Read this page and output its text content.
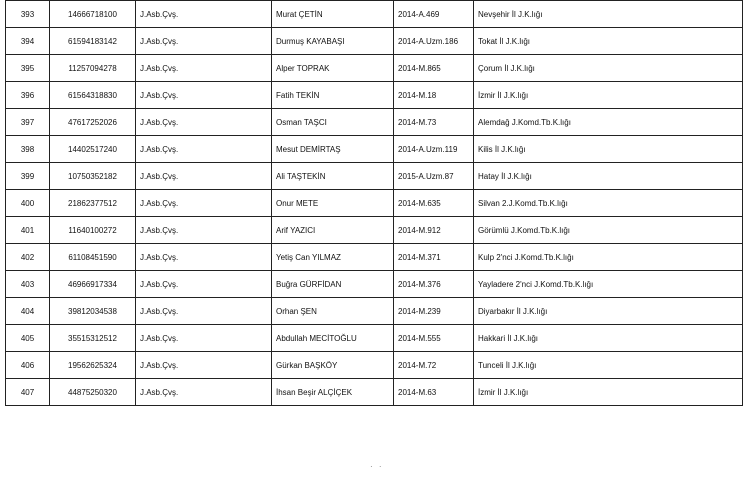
393	14666718100	J.Asb.Çvş.	Murat ÇETİN	2014-A.469	Nevşehir İl J.K.lığı
394	61594183142	J.Asb.Çvş.	Durmuş KAYABAŞI	2014-A.Uzm.186	Tokat İl J.K.lığı
395	11257094278	J.Asb.Çvş.	Alper TOPRAK	2014-M.865	Çorum İl J.K.lığı
396	61564318830	J.Asb.Çvş.	Fatih TEKİN	2014-M.18	İzmir İl J.K.lığı
397	47617252026	J.Asb.Çvş.	Osman TAŞCI	2014-M.73	Alemdağ J.Komd.Tb.K.lığı
398	14402517240	J.Asb.Çvş.	Mesut DEMİRTAŞ	2014-A.Uzm.119	Kilis İl J.K.lığı
399	10750352182	J.Asb.Çvş.	Ali TAŞTEKİN	2015-A.Uzm.87	Hatay İl J.K.lığı
400	21862377512	J.Asb.Çvş.	Onur METE	2014-M.635	Silvan 2.J.Komd.Tb.K.lığı
401	11640100272	J.Asb.Çvş.	Arif YAZICI	2014-M.912	Görümlü J.Komd.Tb.K.lığı
402	61108451590	J.Asb.Çvş.	Yetiş Can YILMAZ	2014-M.371	Kulp 2'nci J.Komd.Tb.K.lığı
403	46966917334	J.Asb.Çvş.	Buğra GÜRFİDAN	2014-M.376	Yayladere 2'nci J.Komd.Tb.K.lığı
404	39812034538	J.Asb.Çvş.	Orhan ŞEN	2014-M.239	Diyarbakır İl J.K.lığı
405	35515312512	J.Asb.Çvş.	Abdullah MECİTOĞLU	2014-M.555	Hakkari İl J.K.lığı
406	19562625324	J.Asb.Çvş.	Gürkan BAŞKÖY	2014-M.72	Tunceli İl J.K.lığı
407	44875250320	J.Asb.Çvş.	İhsan Beşir ALÇİÇEK	2014-M.63	İzmir İl J.K.lığı
· ·
